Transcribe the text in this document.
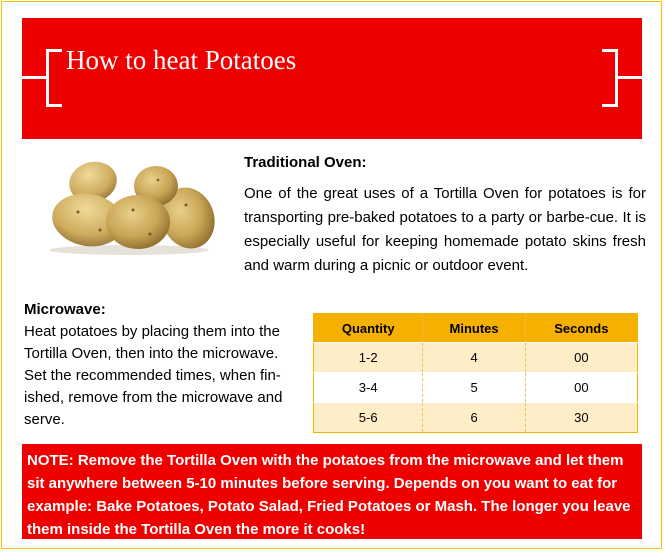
How to heat Potatoes
Traditional Oven:
One of the great uses of a Tortilla Oven for potatoes is for transporting pre-baked potatoes to a party or barbe-cue. It is especially useful for keeping homemade potato skins fresh and warm during a picnic or outdoor event.
Microwave:
Heat potatoes by placing them into the Tortilla Oven, then into the microwave. Set the recommended times, when fin-ished, remove from the microwave and serve.
Quantity	Minutes	Seconds
1-2	4	00
3-4	5	00
5-6	6	30
NOTE: Remove the Tortilla Oven with the potatoes from the microwave and let them sit anywhere between 5-10 minutes before serving. Depends on you want to eat for example: Bake Potatoes, Potato Salad, Fried Potatoes or Mash. The longer you leave them inside the Tortilla Oven the more it cooks!
